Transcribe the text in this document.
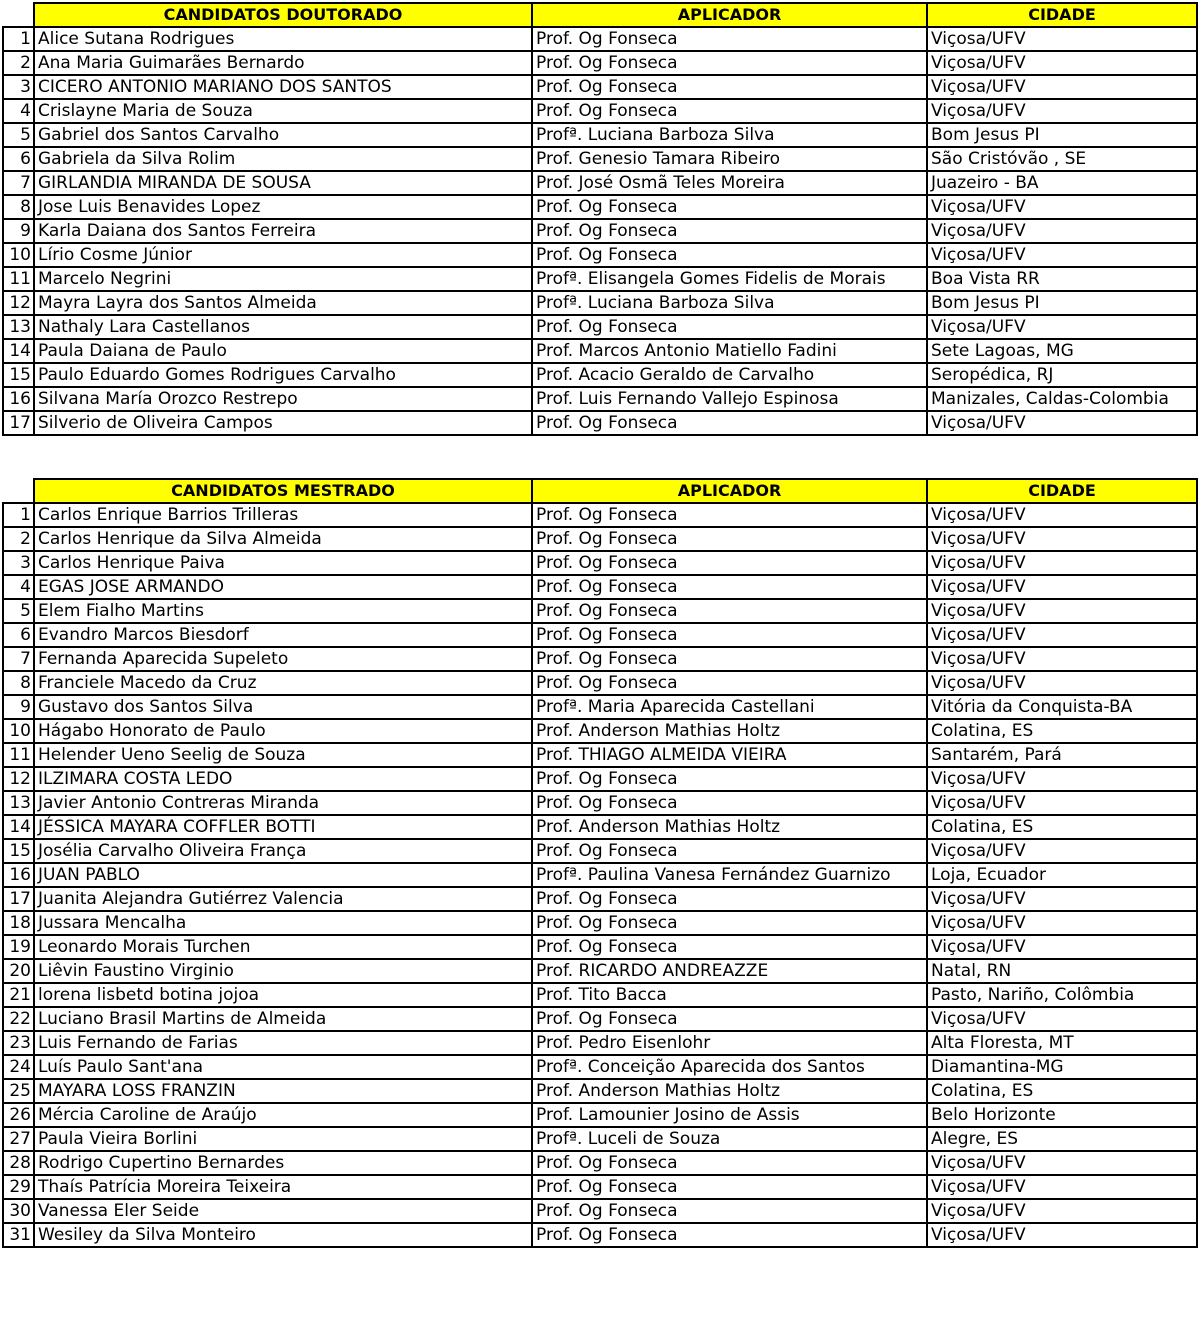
	CANDIDATOS DOUTORADO	APLICADOR	CIDADE
1	Alice Sutana Rodrigues	Prof. Og Fonseca	Viçosa/UFV
2	Ana Maria Guimarães Bernardo	Prof. Og Fonseca	Viçosa/UFV
3	CICERO ANTONIO MARIANO DOS SANTOS	Prof. Og Fonseca	Viçosa/UFV
4	Crislayne Maria de Souza	Prof. Og Fonseca	Viçosa/UFV
5	Gabriel dos Santos Carvalho	Profª. Luciana Barboza Silva	Bom Jesus PI
6	Gabriela da Silva Rolim	Prof. Genesio Tamara Ribeiro	São Cristóvão , SE
7	GIRLANDIA MIRANDA DE SOUSA	Prof. José Osmã Teles Moreira	Juazeiro - BA
8	Jose Luis Benavides Lopez	Prof. Og Fonseca	Viçosa/UFV
9	Karla Daiana dos Santos Ferreira	Prof. Og Fonseca	Viçosa/UFV
10	Lírio Cosme Júnior	Prof. Og Fonseca	Viçosa/UFV
11	Marcelo Negrini	Profª. Elisangela Gomes Fidelis de Morais	Boa Vista RR
12	Mayra Layra dos Santos Almeida	Profª. Luciana Barboza Silva	Bom Jesus PI
13	Nathaly Lara Castellanos	Prof. Og Fonseca	Viçosa/UFV
14	Paula Daiana de Paulo	Prof. Marcos Antonio Matiello Fadini	Sete Lagoas, MG
15	Paulo Eduardo Gomes Rodrigues Carvalho	Prof. Acacio Geraldo de Carvalho	Seropédica, RJ
16	Silvana María Orozco Restrepo	Prof. Luis Fernando Vallejo Espinosa	Manizales, Caldas-Colombia
17	Silverio de Oliveira Campos	Prof. Og Fonseca	Viçosa/UFV
	CANDIDATOS MESTRADO	APLICADOR	CIDADE
1	Carlos Enrique Barrios Trilleras	Prof. Og Fonseca	Viçosa/UFV
2	Carlos Henrique da Silva Almeida	Prof. Og Fonseca	Viçosa/UFV
3	Carlos Henrique Paiva	Prof. Og Fonseca	Viçosa/UFV
4	EGAS JOSE ARMANDO	Prof. Og Fonseca	Viçosa/UFV
5	Elem Fialho Martins	Prof. Og Fonseca	Viçosa/UFV
6	Evandro Marcos Biesdorf	Prof. Og Fonseca	Viçosa/UFV
7	Fernanda Aparecida Supeleto	Prof. Og Fonseca	Viçosa/UFV
8	Franciele Macedo da Cruz	Prof. Og Fonseca	Viçosa/UFV
9	Gustavo dos Santos Silva	Profª. Maria Aparecida Castellani	Vitória da Conquista-BA
10	Hágabo Honorato de Paulo	Prof. Anderson Mathias Holtz	Colatina, ES
11	Helender Ueno Seelig de Souza	Prof. THIAGO ALMEIDA VIEIRA	Santarém, Pará
12	ILZIMARA COSTA LEDO	Prof. Og Fonseca	Viçosa/UFV
13	Javier Antonio Contreras Miranda	Prof. Og Fonseca	Viçosa/UFV
14	JÉSSICA MAYARA COFFLER BOTTI	Prof. Anderson Mathias Holtz	Colatina, ES
15	Josélia Carvalho Oliveira França	Prof. Og Fonseca	Viçosa/UFV
16	JUAN PABLO	Profª. Paulina Vanesa Fernández Guarnizo	Loja, Ecuador
17	Juanita Alejandra Gutiérrez Valencia	Prof. Og Fonseca	Viçosa/UFV
18	Jussara Mencalha	Prof. Og Fonseca	Viçosa/UFV
19	Leonardo Morais Turchen	Prof. Og Fonseca	Viçosa/UFV
20	Liêvin Faustino Virginio	Prof. RICARDO ANDREAZZE	Natal, RN
21	lorena lisbetd botina jojoa	Prof. Tito Bacca	Pasto, Nariño, Colômbia
22	Luciano Brasil Martins de Almeida	Prof. Og Fonseca	Viçosa/UFV
23	Luis Fernando de Farias	Prof. Pedro Eisenlohr	Alta Floresta, MT
24	Luís Paulo Sant'ana	Profª. Conceição Aparecida dos Santos	Diamantina-MG
25	MAYARA LOSS FRANZIN	Prof. Anderson Mathias Holtz	Colatina, ES
26	Mércia Caroline de Araújo	Prof. Lamounier Josino de Assis	Belo Horizonte
27	Paula Vieira Borlini	Profª. Luceli de Souza	Alegre, ES
28	Rodrigo Cupertino Bernardes	Prof. Og Fonseca	Viçosa/UFV
29	Thaís Patrícia Moreira Teixeira	Prof. Og Fonseca	Viçosa/UFV
30	Vanessa Eler Seide	Prof. Og Fonseca	Viçosa/UFV
31	Wesiley da Silva Monteiro	Prof. Og Fonseca	Viçosa/UFV
